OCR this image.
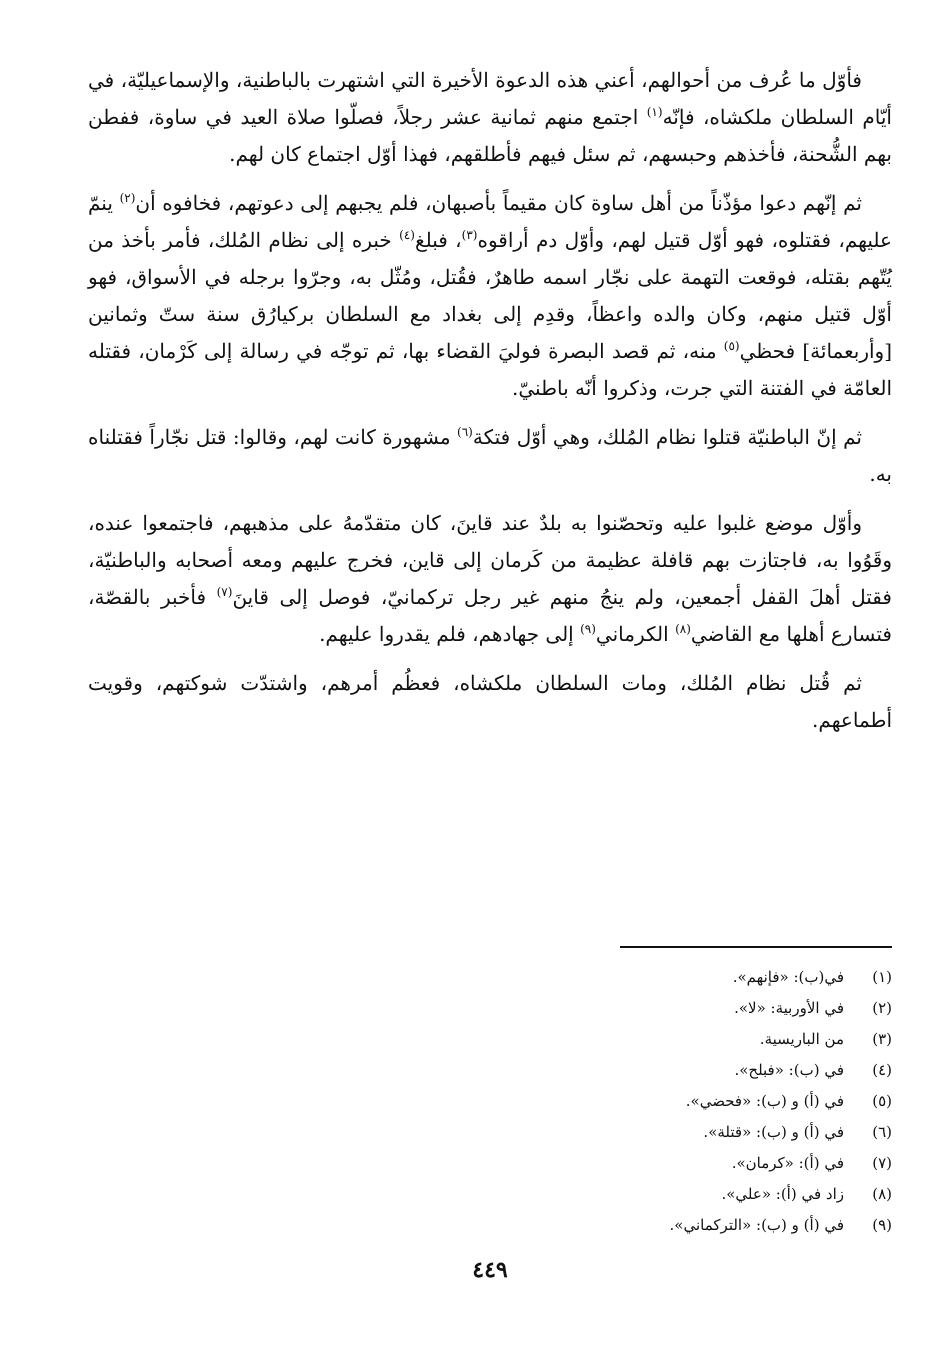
فأوّل ما عُرف من أحوالهم، أعني هذه الدعوة الأخيرة التي اشتهرت بالباطنية، والإسماعيليّة، في أيّام السلطان ملكشاه، فإنّه$^{(١)}$ اجتمع منهم ثمانية عشر رجلاً، فصلّوا صلاة العيد في ساوة، ففطن بهم الشُّحنة، فأخذهم وحبسهم، ثم سئل فيهم فأطلقهم، فهذا أوّل اجتماع كان لهم.

ثم إنّهم دعوا مؤذّناً من أهل ساوة كان مقيماً بأصبهان، فلم يجبهم إلى دعوتهم، فخافوه أن$^{(٢)}$ ينمّ عليهم، فقتلوه، فهو أوّل قتيل لهم، وأوّل دم أراقوه$^{(٣)}$، فبلغ$^{(٤)}$ خبره إلى نظام المُلك، فأمر بأخذ من يُتّهم بقتله، فوقعت التهمة على نجّار اسمه طاهرٌ، فقُتل، ومُثّل به، وجرّوا برجله في الأسواق، فهو أوّل قتيل منهم، وكان والده واعظاً، وقدِم إلى بغداد مع السلطان بركيارُق سنة ستّ وثمانين [وأربعمائة] فحظي$^{(٥)}$ منه، ثم قصد البصرة فوليَ القضاء بها، ثم توجّه في رسالة إلى كَرْمان، فقتله العامّة في الفتنة التي جرت، وذكروا أنّه باطنيّ.

ثم إنّ الباطنيّة قتلوا نظام المُلك، وهي أوّل فتكة$^{(٦)}$ مشهورة كانت لهم، وقالوا: قتل نجّاراً فقتلناه به.

وأوّل موضع غلبوا عليه وتحصّنوا به بلدٌ عند قاينَ، كان متقدّمهُ على مذهبهم، فاجتمعوا عنده، وقَوُوا به، فاجتازت بهم قافلة عظيمة من كَرمان إلى قاين، فخرج عليهم ومعه أصحابه والباطنيّة، فقتل أهلَ القفل أجمعين، ولم ينجُ منهم غير رجل تركمانيّ، فوصل إلى قاينَ$^{(٧)}$ فأخبر بالقصّة، فتسارع أهلها مع القاضي$^{(٨)}$ الكرماني$^{(٩)}$ إلى جهادهم، فلم يقدروا عليهم.

ثم قُتل نظام المُلك، ومات السلطان ملكشاه، فعظُم أمرهم، واشتدّت شوكتهم، وقويت أطماعهم.

(١)
في(ب): «فإنهم».
(٢)
في الأوربية: «لا».
(٣)
من الباريسية.
(٤)
في (ب): «فبلح».
(٥)
في (أ) و (ب): «فحضي».
(٦)
في (أ) و (ب): «قتلة».
(٧)
في (أ): «كرمان».
(٨)
زاد في (أ): «علي».
(٩)
في (أ) و (ب): «التركماني».
٤٤٩
